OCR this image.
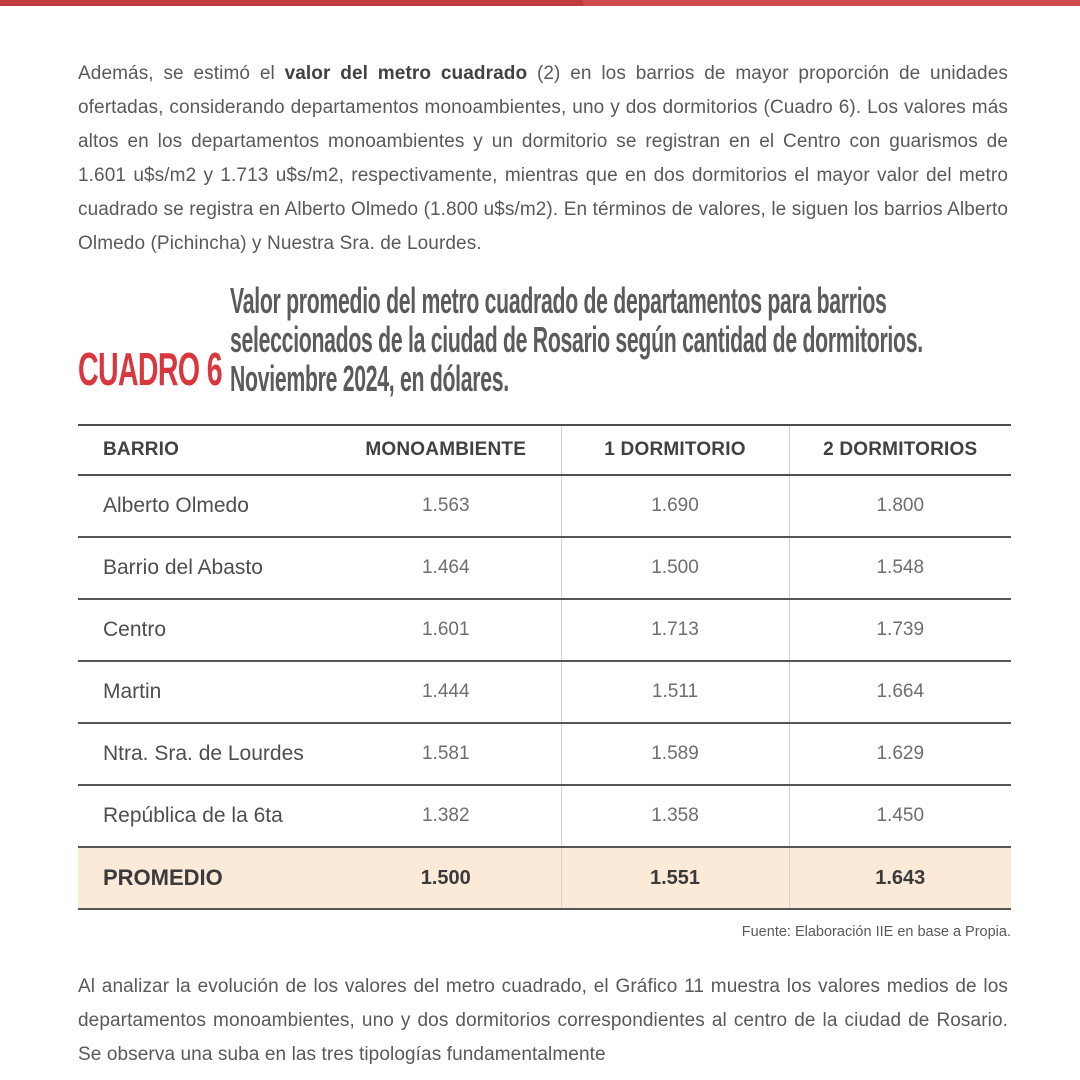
Además, se estimó el valor del metro cuadrado (2) en los barrios de mayor proporción de unidades ofertadas, considerando departamentos monoambientes, uno y dos dormitorios (Cuadro 6). Los valores más altos en los departamentos monoambientes y un dormitorio se registran en el Centro con guarismos de 1.601 u$s/m2 y 1.713 u$s/m2, respectivamente, mientras que en dos dormitorios el mayor valor del metro cuadrado se registra en Alberto Olmedo (1.800 u$s/m2). En términos de valores, le siguen los barrios Alberto Olmedo (Pichincha) y Nuestra Sra. de Lourdes.

CUADRO 6
Valor promedio del metro cuadrado de departamentos para barrios seleccionados de la ciudad de Rosario según cantidad de dormitorios. Noviembre 2024, en dólares.
BARRIO	MONOAMBIENTE	1 DORMITORIO	2 DORMITORIOS
Alberto Olmedo	1.563	1.690	1.800
Barrio del Abasto	1.464	1.500	1.548
Centro	1.601	1.713	1.739
Martin	1.444	1.511	1.664
Ntra. Sra. de Lourdes	1.581	1.589	1.629
República de la 6ta	1.382	1.358	1.450
PROMEDIO	1.500	1.551	1.643
Fuente: Elaboración IIE en base a Propia.

Al analizar la evolución de los valores del metro cuadrado, el Gráfico 11 muestra los valores medios de los departamentos monoambientes, uno y dos dormitorios correspondientes al centro de la ciudad de Rosario. Se observa una suba en las tres tipologías fundamentalmente
